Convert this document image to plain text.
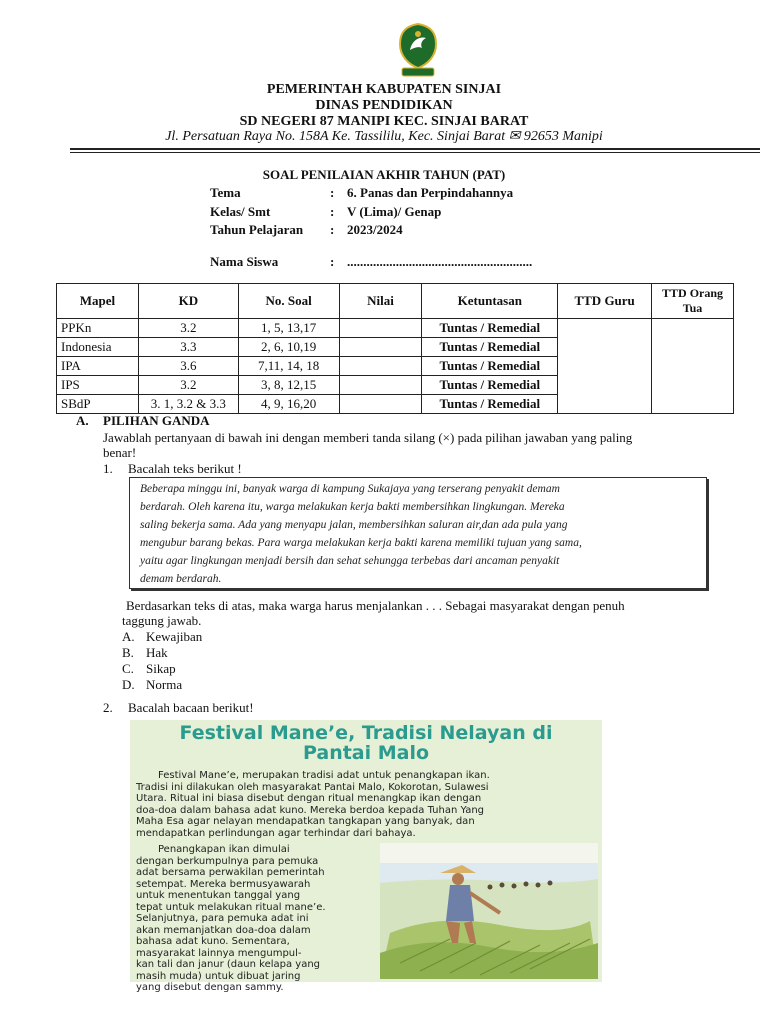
PEMERINTAH KABUPATEN SINJAI
DINAS PENDIDIKAN
SD NEGERI 87 MANIPI KEC. SINJAI BARAT
Jl. Persatuan Raya No. 158A Ke. Tassililu, Kec. Sinjai Barat ✉ 92653 Manipi
SOAL PENILAIAN AKHIR TAHUN (PAT)
Tema	: 6. Panas dan Perpindahannya
Kelas/ Smt	: V (Lima)/ Genap
Tahun Pelajaran : 2023/2024
Nama Siswa	: .........................................................
Mapel	KD	No. Soal	Nilai	Ketuntasan	TTD Guru	TTD Orang Tua
PPKn	3.2	1, 5, 13,17		Tuntas / Remedial		
Indonesia	3.3	2, 6, 10,19		Tuntas / Remedial		
IPA	3.6	7,11, 14, 18		Tuntas / Remedial		
IPS	3.2	3, 8, 12,15		Tuntas / Remedial		
SBdP	3. 1, 3.2 & 3.3	4, 9, 16,20		Tuntas / Remedial		
A. PILIHAN GANDA
Jawablah pertanyaan di bawah ini dengan memberi tanda silang (×) pada pilihan jawaban yang paling
benar!
1. Bacalah teks berikut !
Beberapa minggu ini, banyak warga di kampung Sukajaya yang terserang penyakit demam
berdarah. Oleh karena itu, warga melakukan kerja bakti membersihkan lingkungan. Mereka
saling bekerja sama. Ada yang menyapu jalan, membersihkan saluran air,dan ada pula yang
mengubur barang bekas. Para warga melakukan kerja bakti karena memiliki tujuan yang sama,
yaitu agar lingkungan menjadi bersih dan sehat sehungga terbebas dari ancaman penyakit
demam berdarah.
Berdasarkan teks di atas, maka warga harus menjalankan . . . Sebagai masyarakat dengan penuh
taggung jawab.
A. Kewajiban
B. Hak
C. Sikap
D. Norma
2. Bacalah bacaan berikut!
Festival Mane’e, Tradisi Nelayan di
Pantai Malo
Festival Mane’e, merupakan tradisi adat untuk penangkapan ikan.
Tradisi ini dilakukan oleh masyarakat Pantai Malo, Kokorotan, Sulawesi
Utara. Ritual ini biasa disebut dengan ritual menangkap ikan dengan
doa-doa dalam bahasa adat kuno. Mereka berdoa kepada Tuhan Yang
Maha Esa agar nelayan mendapatkan tangkapan yang banyak, dan
mendapatkan perlindungan agar terhindar dari bahaya.
Penangkapan ikan dimulai
dengan berkumpulnya para pemuka
adat bersama perwakilan pemerintah
setempat. Mereka bermusyawarah
untuk menentukan tanggal yang
tepat untuk melakukan ritual mane’e.
Selanjutnya, para pemuka adat ini
akan memanjatkan doa-doa dalam
bahasa adat kuno. Sementara,
masyarakat lainnya mengumpul-
kan tali dan janur (daun kelapa yang
masih muda) untuk dibuat jaring
yang disebut dengan sammy.
